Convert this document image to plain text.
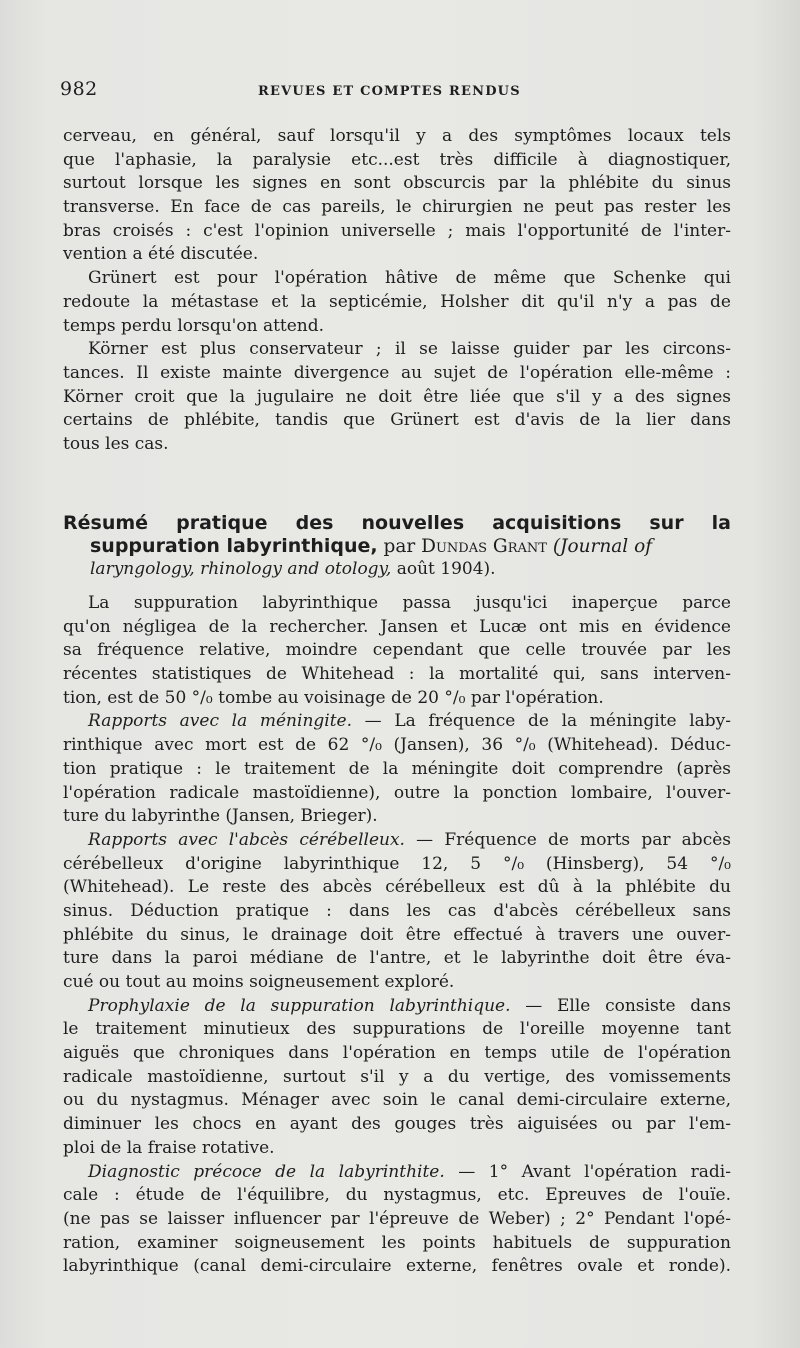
982	REVUES ET COMPTES RENDUS
cerveau, en général, sauf lorsqu'il y a des symptômes locaux tels
que l'aphasie, la paralysie etc...est très difficile à diagnostiquer,
surtout lorsque les signes en sont obscurcis par la phlébite du sinus
transverse. En face de cas pareils, le chirurgien ne peut pas rester les
bras croisés : c'est l'opinion universelle ; mais l'opportunité de l'inter-
vention a été discutée.
Grünert est pour l'opération hâtive de même que Schenke qui
redoute la métastase et la septicémie, Holsher dit qu'il n'y a pas de
temps perdu lorsqu'on attend.
Körner est plus conservateur ; il se laisse guider par les circons-
tances. Il existe mainte divergence au sujet de l'opération elle-même :
Körner croit que la jugulaire ne doit être liée que s'il y a des signes
certains de phlébite, tandis que Grünert est d'avis de la lier dans
tous les cas.
Résumé pratique des nouvelles acquisitions sur la
suppuration labyrinthique, par Dundas Grant (Journal of
laryngology, rhinology and otology, août 1904).
La suppuration labyrinthique passa jusqu'ici inaperçue parce
qu'on négligea de la rechercher. Jansen et Lucæ ont mis en évidence
sa fréquence relative, moindre cependant que celle trouvée par les
récentes statistiques de Whitehead : la mortalité qui, sans interven-
tion, est de 50 °/₀ tombe au voisinage de 20 °/₀ par l'opération.
Rapports avec la méningite. — La fréquence de la méningite laby-
rinthique avec mort est de 62 °/₀ (Jansen), 36 °/₀ (Whitehead). Déduc-
tion pratique : le traitement de la méningite doit comprendre (après
l'opération radicale mastoïdienne), outre la ponction lombaire, l'ouver-
ture du labyrinthe (Jansen, Brieger).
Rapports avec l'abcès cérébelleux. — Fréquence de morts par abcès
cérébelleux d'origine labyrinthique 12, 5 °/₀ (Hinsberg), 54 °/₀
(Whitehead). Le reste des abcès cérébelleux est dû à la phlébite du
sinus. Déduction pratique : dans les cas d'abcès cérébelleux sans
phlébite du sinus, le drainage doit être effectué à travers une ouver-
ture dans la paroi médiane de l'antre, et le labyrinthe doit être éva-
cué ou tout au moins soigneusement exploré.
Prophylaxie de la suppuration labyrinthique. — Elle consiste dans
le traitement minutieux des suppurations de l'oreille moyenne tant
aiguës que chroniques dans l'opération en temps utile de l'opération
radicale mastoïdienne, surtout s'il y a du vertige, des vomissements
ou du nystagmus. Ménager avec soin le canal demi-circulaire externe,
diminuer les chocs en ayant des gouges très aiguisées ou par l'em-
ploi de la fraise rotative.
Diagnostic précoce de la labyrinthite. — 1° Avant l'opération radi-
cale : étude de l'équilibre, du nystagmus, etc. Epreuves de l'ouïe.
(ne pas se laisser influencer par l'épreuve de Weber) ; 2° Pendant l'opé-
ration, examiner soigneusement les points habituels de suppuration
labyrinthique (canal demi-circulaire externe, fenêtres ovale et ronde).
